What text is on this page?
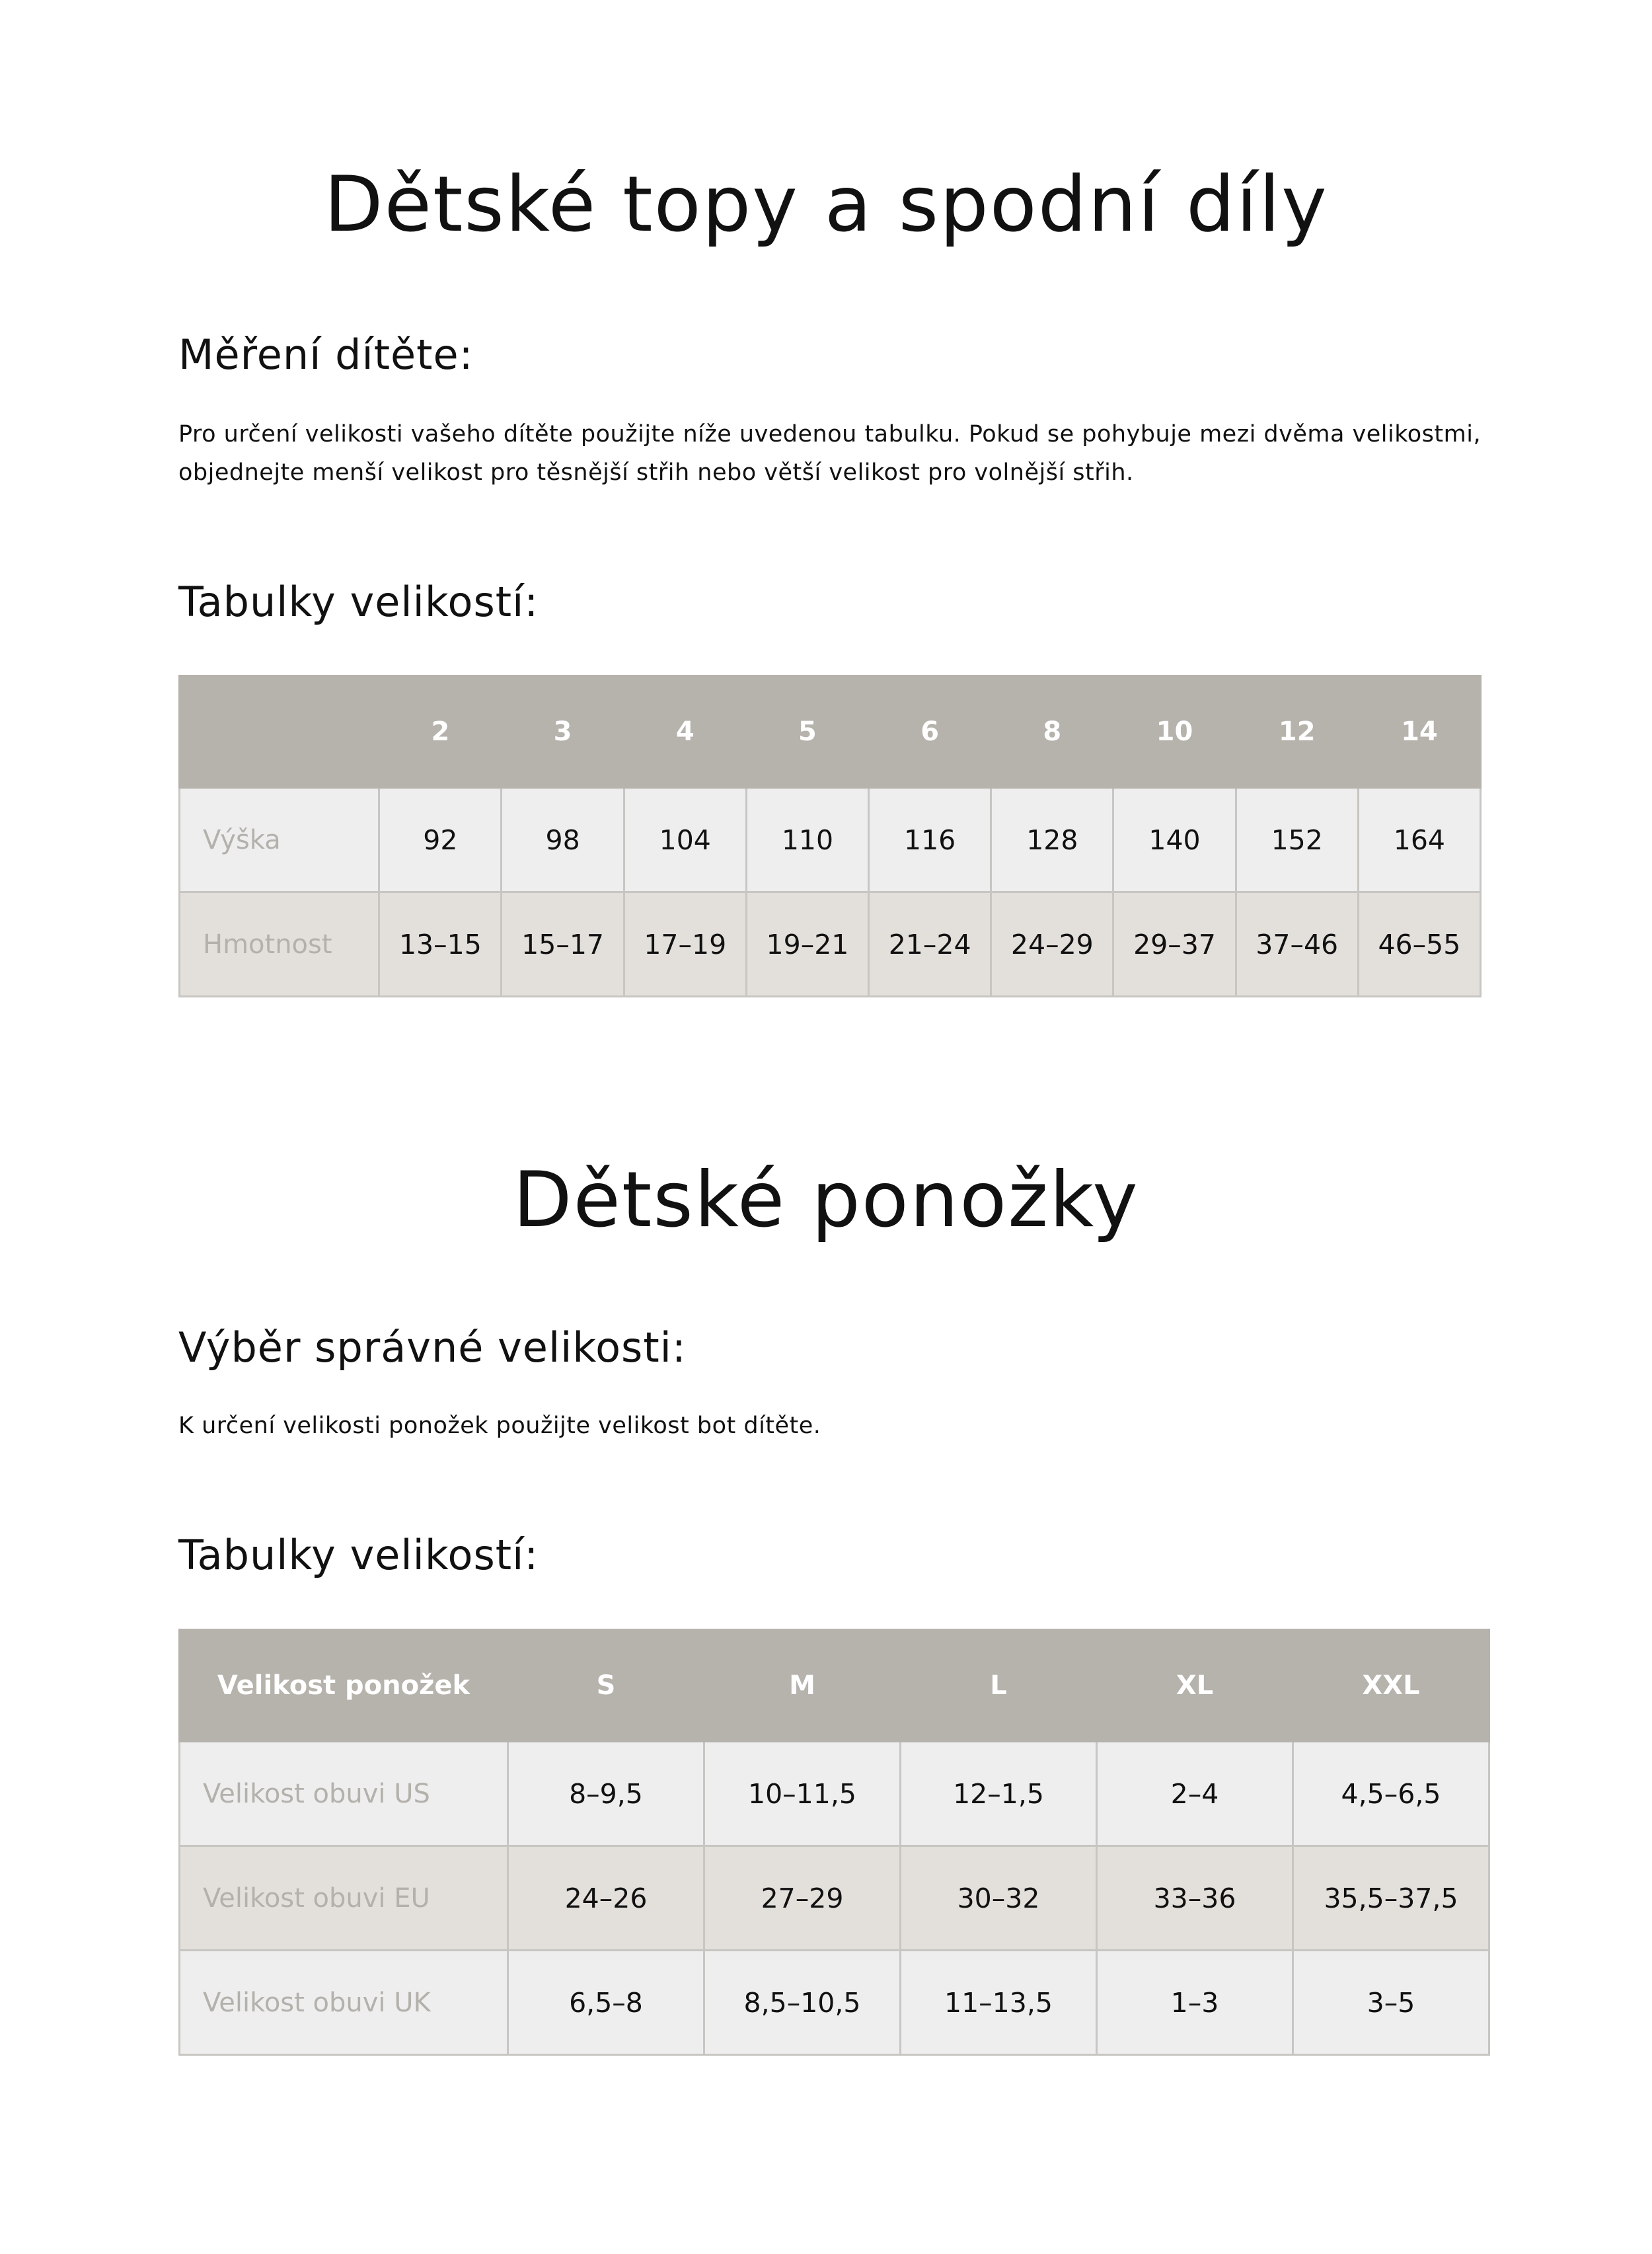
Dětské topy a spodní díly
Měření dítěte:

Pro určení velikosti vašeho dítěte použijte níže uvedenou tabulku. Pokud se pohybuje mezi dvěma velikostmi, objednejte menší velikost pro těsnější střih nebo větší velikost pro volnější střih.

Tabulky velikostí:
	2	3	4	5	6	8	10	12	14
Výška	92	98	104	110	116	128	140	152	164
Hmotnost	13–15	15–17	17–19	19–21	21–24	24–29	29–37	37–46	46–55
Dětské ponožky
Výběr správné velikosti:

K určení velikosti ponožek použijte velikost bot dítěte.

Tabulky velikostí:
Velikost ponožek	S	M	L	XL	XXL
Velikost obuvi US	8–9,5	10–11,5	12–1,5	2–4	4,5–6,5
Velikost obuvi EU	24–26	27–29	30–32	33–36	35,5–37,5
Velikost obuvi UK	6,5–8	8,5–10,5	11–13,5	1–3	3–5
